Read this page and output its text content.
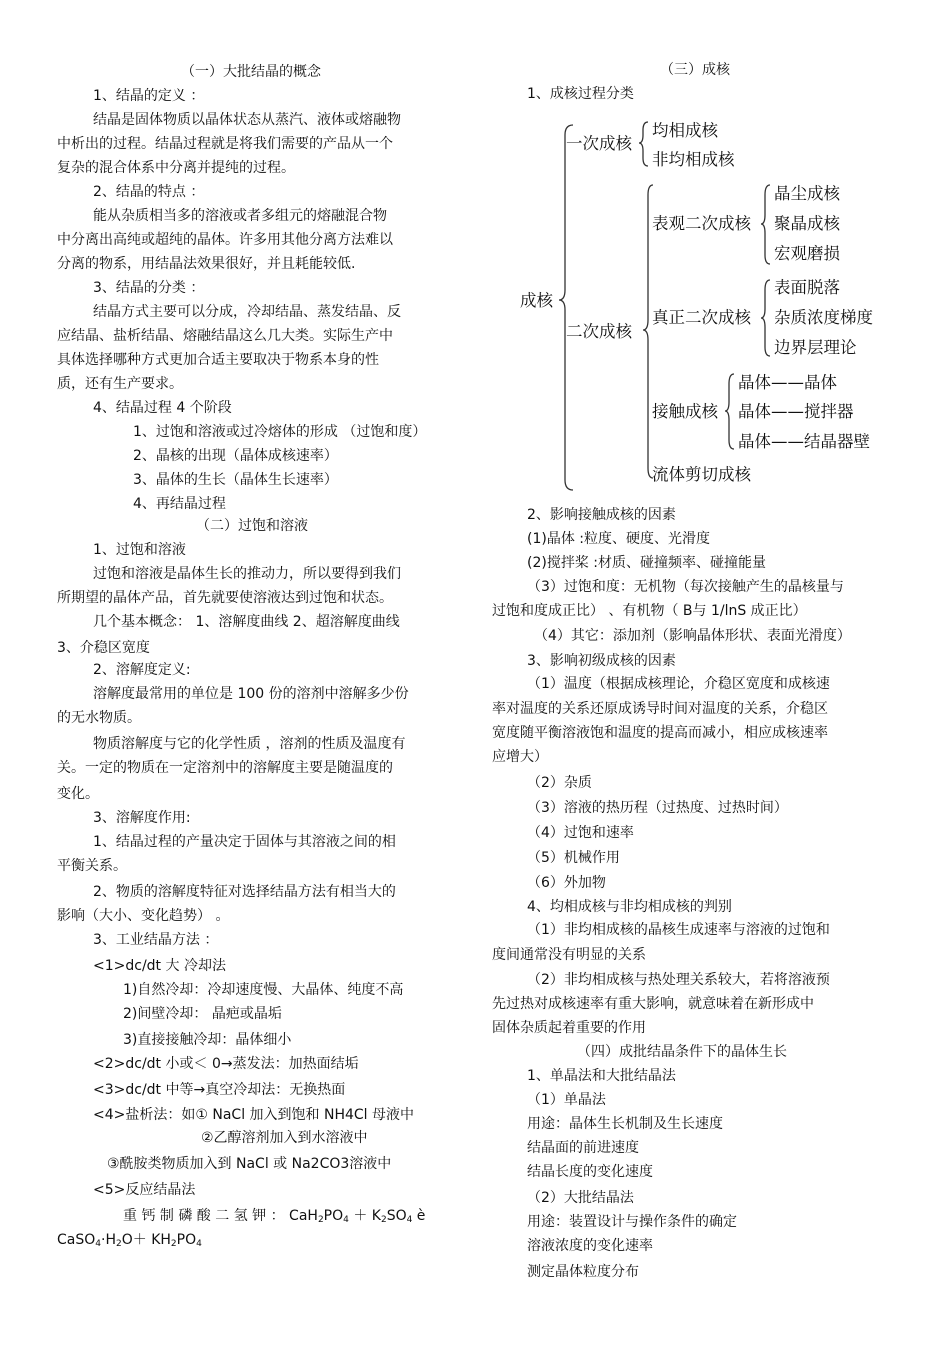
（一）大批结晶的概念
1、结晶的定义 ：
结晶是固体物质以晶体状态从蒸汽、液体或熔融物
中析出的过程。结晶过程就是将我们需要的产品从一个
复杂的混合体系中分离并提纯的过程。
2、结晶的特点 ：
能从杂质相当多的溶液或者多组元的熔融混合物
中分离出高纯或超纯的晶体。许多用其他分离方法难以
分离的物系，用结晶法效果很好，并且耗能较低.
3、结晶的分类 ：
结晶方式主要可以分成，冷却结晶、蒸发结晶、反
应结晶、盐析结晶、熔融结晶这么几大类。实际生产中
具体选择哪种方式更加合适主要取决于物系本身的性
质，还有生产要求。
4、结晶过程 4 个阶段
1、过饱和溶液或过冷熔体的形成 （过饱和度）
2、晶核的出现（晶体成核速率）
3、晶体的生长（晶体生长速率）
4、再结晶过程
（二）过饱和溶液
1、过饱和溶液
过饱和溶液是晶体生长的推动力，所以要得到我们
所期望的晶体产品，首先就要使溶液达到过饱和状态。
几个基本概念： 1、溶解度曲线 2、超溶解度曲线
3、介稳区宽度
2、溶解度定义:
溶解度最常用的单位是 100 份的溶剂中溶解多少份
的无水物质。
物质溶解度与它的化学性质 ，溶剂的性质及温度有
关。一定的物质在一定溶剂中的溶解度主要是随温度的
变化。
3、溶解度作用:
1、结晶过程的产量决定于固体与其溶液之间的相
平衡关系。
2、物质的溶解度特征对选择结晶方法有相当大的
影响（大小、变化趋势） 。
3、工业结晶方法 ：
<1>dc/dt 大 冷却法
1)自然冷却：冷却速度慢、大晶体、纯度不高
2)间壁冷却： 晶疤或晶垢
3)直接接触冷却：晶体细小
<2>dc/dt 小或＜ 0→蒸发法：加热面结垢
<3>dc/dt 中等→真空冷却法：无换热面
<4>盐析法：如① NaCl 加入到饱和 NH4Cl 母液中
②乙醇溶剂加入到水溶液中
③酰胺类物质加入到 NaCl 或 Na2CO3溶液中
<5>反应结晶法
重 钙 制 磷 酸 二 氢 钾 ： $CaH_2PO_4 + K_2SO_4$ è
$CaSO_4\cdot H_2O+ KH_2PO_4$
（三）成核
1、成核过程分类
成核
一次成核
均相成核
非均相成核
二次成核
表观二次成核
晶尘成核
聚晶成核
宏观磨损
真正二次成核
表面脱落
杂质浓度梯度
边界层理论
接触成核
晶体——晶体
晶体——搅拌器
晶体——结晶器壁
流体剪切成核
2、影响接触成核的因素
(1)晶体 :粒度、硬度、光滑度
(2)搅拌桨 :材质、碰撞频率、碰撞能量
（3）过饱和度：无机物（每次接触产生的晶核量与
过饱和度成正比） 、有机物（ B与 1/lnS 成正比）
（4）其它：添加剂（影响晶体形状、表面光滑度）
3、影响初级成核的因素
（1）温度（根据成核理论，介稳区宽度和成核速
率对温度的关系还原成诱导时间对温度的关系，介稳区
宽度随平衡溶液饱和温度的提高而减小，相应成核速率
应增大）
（2）杂质
（3）溶液的热历程（过热度、过热时间）
（4）过饱和速率
（5）机械作用
（6）外加物
4、均相成核与非均相成核的判别
（1）非均相成核的晶核生成速率与溶液的过饱和
度间通常没有明显的关系
（2）非均相成核与热处理关系较大，若将溶液预
先过热对成核速率有重大影响，就意味着在新形成中
固体杂质起着重要的作用
（四）成批结晶条件下的晶体生长
1、单晶法和大批结晶法
（1）单晶法
用途：晶体生长机制及生长速度
结晶面的前进速度
结晶长度的变化速度
（2）大批结晶法
用途：装置设计与操作条件的确定
溶液浓度的变化速率
测定晶体粒度分布
